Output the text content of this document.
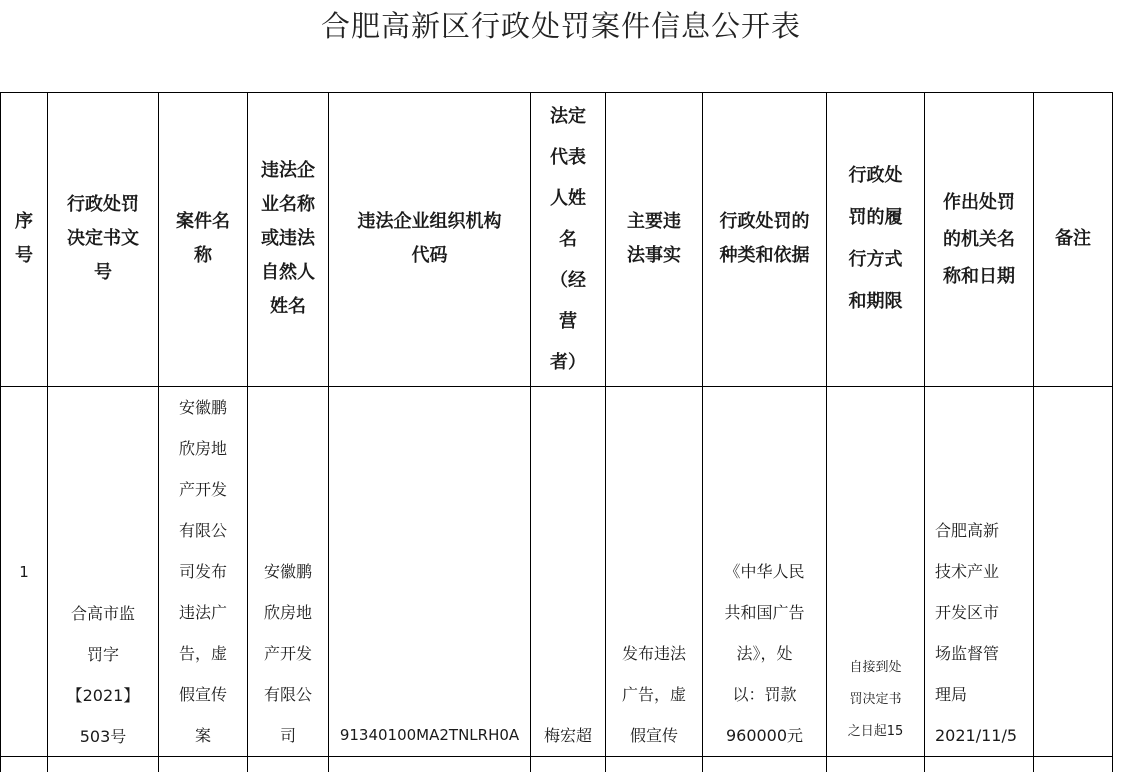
合肥高新区行政处罚案件信息公开表
序
号
行政处罚
决定书文
号
案件名
称
违法企
业名称
或违法
自然人
姓名
违法企业组织机构
代码
法定
代表
人姓
名
（经
营
者）
主要违
法事实
行政处罚的
种类和依据
行政处
罚的履
行方式
和期限
作出处罚
的机关名
称和日期
备注
1
合高市监
罚字
【2021】
503号
安徽鹏
欣房地
产开发
有限公
司发布
违法广
告，虚
假宣传
案
安徽鹏
欣房地
产开发
有限公
司	91340100MA2TNLRH0A	梅宏超
发布违法
广告，虚
假宣传
《中华人民
共和国广告
法》，处
以：罚款
960000元
自接到处
罚决定书
之日起15
合肥高新
技术产业
开发区市
场监督管
理局
2021/11/5
